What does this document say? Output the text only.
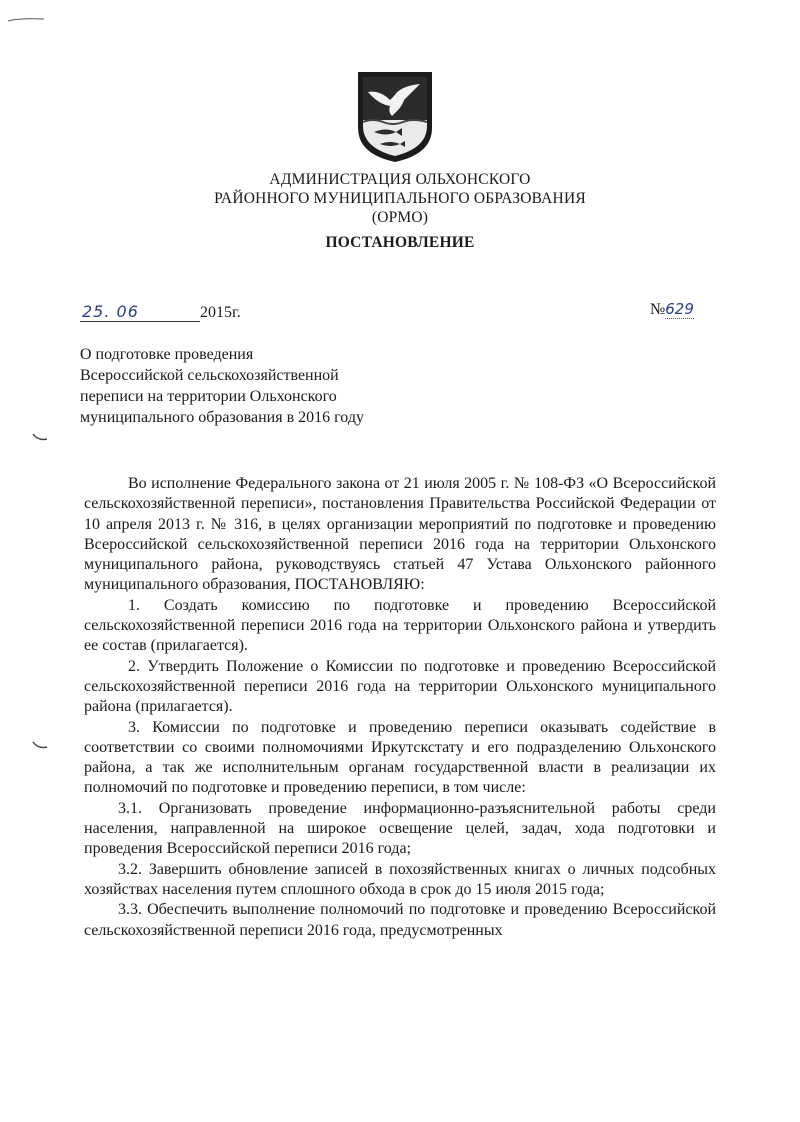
АДМИНИСТРАЦИЯ ОЛЬХОНСКОГО
РАЙОННОГО МУНИЦИПАЛЬНОГО ОБРАЗОВАНИЯ
(ОРМО)
ПОСТАНОВЛЕНИЕ
25. 06	2015г.	№629

О подготовке проведения

Всероссийской сельскохозяйственной

переписи на территории Ольхонского

муниципального образования в 2016 году

Во исполнение Федерального закона от 21 июля 2005 г. № 108-ФЗ «О Всероссийской сельскохозяйственной переписи», постановления Правительства Российской Федерации от 10 апреля 2013 г. № 316, в целях организации мероприятий по подготовке и проведению Всероссийской сельскохозяйственной переписи 2016 года на территории Ольхонского муниципального района, руководствуясь статьей 47 Устава Ольхонского районного муниципального образования, ПОСТАНОВЛЯЮ:

1. Создать комиссию по подготовке и проведению Всероссийской сельскохозяйственной переписи 2016 года на территории Ольхонского района и утвердить ее состав (прилагается).

2. Утвердить Положение о Комиссии по подготовке и проведению Всероссийской сельскохозяйственной переписи 2016 года на территории Ольхонского муниципального района (прилагается).

3. Комиссии по подготовке и проведению переписи оказывать содействие в соответствии со своими полномочиями Иркутскстату и его подразделению Ольхонского района, а так же исполнительным органам государственной власти в реализации их полномочий по подготовке и проведению переписи, в том числе:

3.1. Организовать проведение информационно-разъяснительной работы среди населения, направленной на широкое освещение целей, задач, хода подготовки и проведения Всероссийской переписи 2016 года;

3.2. Завершить обновление записей в похозяйственных книгах о личных подсобных хозяйствах населения путем сплошного обхода в срок до 15 июля 2015 года;

3.3. Обеспечить выполнение полномочий по подготовке и проведению Всероссийской сельскохозяйственной переписи 2016 года, предусмотренных
